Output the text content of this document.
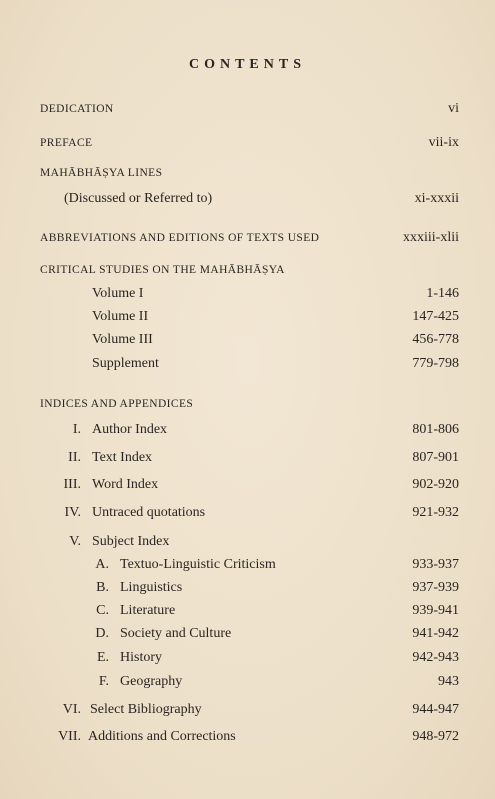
CONTENTS
DEDICATION	vi
PREFACE	vii-ix
MAHĀBHĀṢYA LINES
(Discussed or Referred to)	xi-xxxii
ABBREVIATIONS AND EDITIONS OF TEXTS USED	xxxiii-xlii
CRITICAL STUDIES ON THE MAHĀBHĀṢYA
Volume I	1-146
Volume II	147-425
Volume III	456-778
Supplement	779-798
INDICES AND APPENDICES
I. Author Index	801-806
II. Text Index	807-901
III. Word Index	902-920
IV. Untraced quotations	921-932
V. Subject Index
A. Textuo-Linguistic Criticism	933-937
B. Linguistics	937-939
C. Literature	939-941
D. Society and Culture	941-942
E. History	942-943
F. Geography	943
VI. Select Bibliography	944-947
VII. Additions and Corrections	948-972
